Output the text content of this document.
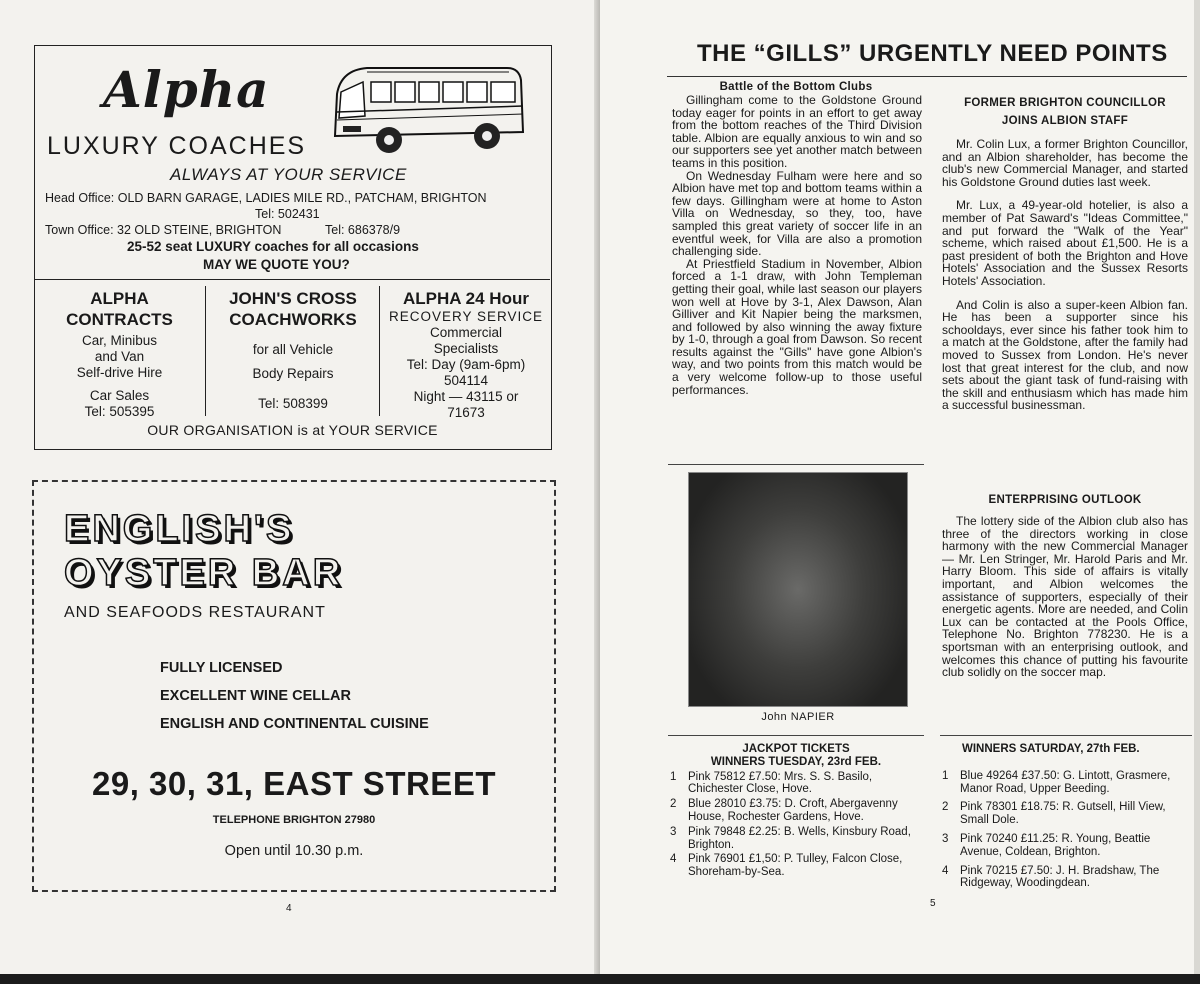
Alpha
LUXURY COACHES
ALWAYS AT YOUR SERVICE
Head Office: OLD BARN GARAGE, LADIES MILE RD., PATCHAM, BRIGHTON
Tel: 502431
Town Office: 32 OLD STEINE, BRIGHTON	Tel: 686378/9
25-52 seat LUXURY coaches for all occasions
MAY WE QUOTE YOU?
ALPHA
CONTRACTS
Car, Minibus
and Van
Self-drive Hire
Car Sales
Tel: 505395
JOHN'S CROSS
COACHWORKS
for all Vehicle
Body Repairs
Tel: 508399
ALPHA 24 Hour
RECOVERY SERVICE
Commercial
Specialists
Tel: Day (9am-6pm)
504114
Night — 43115 or
71673
OUR ORGANISATION is at YOUR SERVICE
ENGLISH'S
OYSTER BAR
AND SEAFOODS RESTAURANT
FULLY LICENSED
EXCELLENT WINE CELLAR
ENGLISH AND CONTINENTAL CUISINE
29, 30, 31, EAST STREET
TELEPHONE BRIGHTON 27980
Open until 10.30 p.m.
4
THE “GILLS” URGENTLY NEED POINTS
Battle of the Bottom Clubs

Gillingham come to the Goldstone Ground today eager for points in an effort to get away from the bottom reaches of the Third Division table. Albion are equally anxious to win and so our supporters see yet another match between teams in this position.

On Wednesday Fulham were here and so Albion have met top and bottom teams within a few days. Gillingham were at home to Aston Villa on Wednesday, so they, too, have sampled this great variety of soccer life in an eventful week, for Villa are also a promotion challenging side.

At Priestfield Stadium in November, Albion forced a 1-1 draw, with John Templeman getting their goal, while last season our players won well at Hove by 3-1, Alex Dawson, Alan Gilliver and Kit Napier being the marksmen, and followed by also winning the away fixture by 1-0, through a goal from Dawson. So recent results against the "Gills" have gone Albion's way, and two points from this match would be a very welcome follow-up to those useful performances.

FORMER BRIGHTON COUNCILLOR
JOINS ALBION STAFF

Mr. Colin Lux, a former Brighton Councillor, and an Albion shareholder, has become the club's new Commercial Manager, and started his Goldstone Ground duties last week.

Mr. Lux, a 49-year-old hotelier, is also a member of Pat Saward's "Ideas Committee," and put forward the "Walk of the Year" scheme, which raised about £1,500. He is a past president of both the Brighton and Hove Hotels' Association and the Sussex Resorts Hotels' Association.

And Colin is also a super-keen Albion fan. He has been a supporter since his schooldays, ever since his father took him to a match at the Goldstone, after the family had moved to Sussex from London. He's never lost that great interest for the club, and now sets about the giant task of fund-raising with the skill and enthusiasm which has made him a successful businessman.

John NAPIER
ENTERPRISING OUTLOOK

The lottery side of the Albion club also has three of the directors working in close harmony with the new Commercial Manager — Mr. Len Stringer, Mr. Harold Paris and Mr. Harry Bloom. This side of affairs is vitally important, and Albion welcomes the assistance of supporters, especially of their energetic agents. More are needed, and Colin Lux can be contacted at the Pools Office, Telephone No. Brighton 778230. He is a sportsman with an enterprising outlook, and welcomes this chance of putting his favourite club solidly on the soccer map.

JACKPOT TICKETS
WINNERS TUESDAY, 23rd FEB.
1 Pink 75812 £7.50: Mrs. S. S. Basilo, Chichester Close, Hove.
2 Blue 28010 £3.75: D. Croft, Abergavenny House, Rochester Gardens, Hove.
3 Pink 79848 £2.25: B. Wells, Kinsbury Road, Brighton.
4 Pink 76901 £1,50: P. Tulley, Falcon Close, Shoreham-by-Sea.
WINNERS SATURDAY, 27th FEB.
1 Blue 49264 £37.50: G. Lintott, Grasmere, Manor Road, Upper Beeding.
2 Pink 78301 £18.75: R. Gutsell, Hill View, Small Dole.
3 Pink 70240 £11.25: R. Young, Beattie Avenue, Coldean, Brighton.
4 Pink 70215 £7.50: J. H. Bradshaw, The Ridgeway, Woodingdean.
5
